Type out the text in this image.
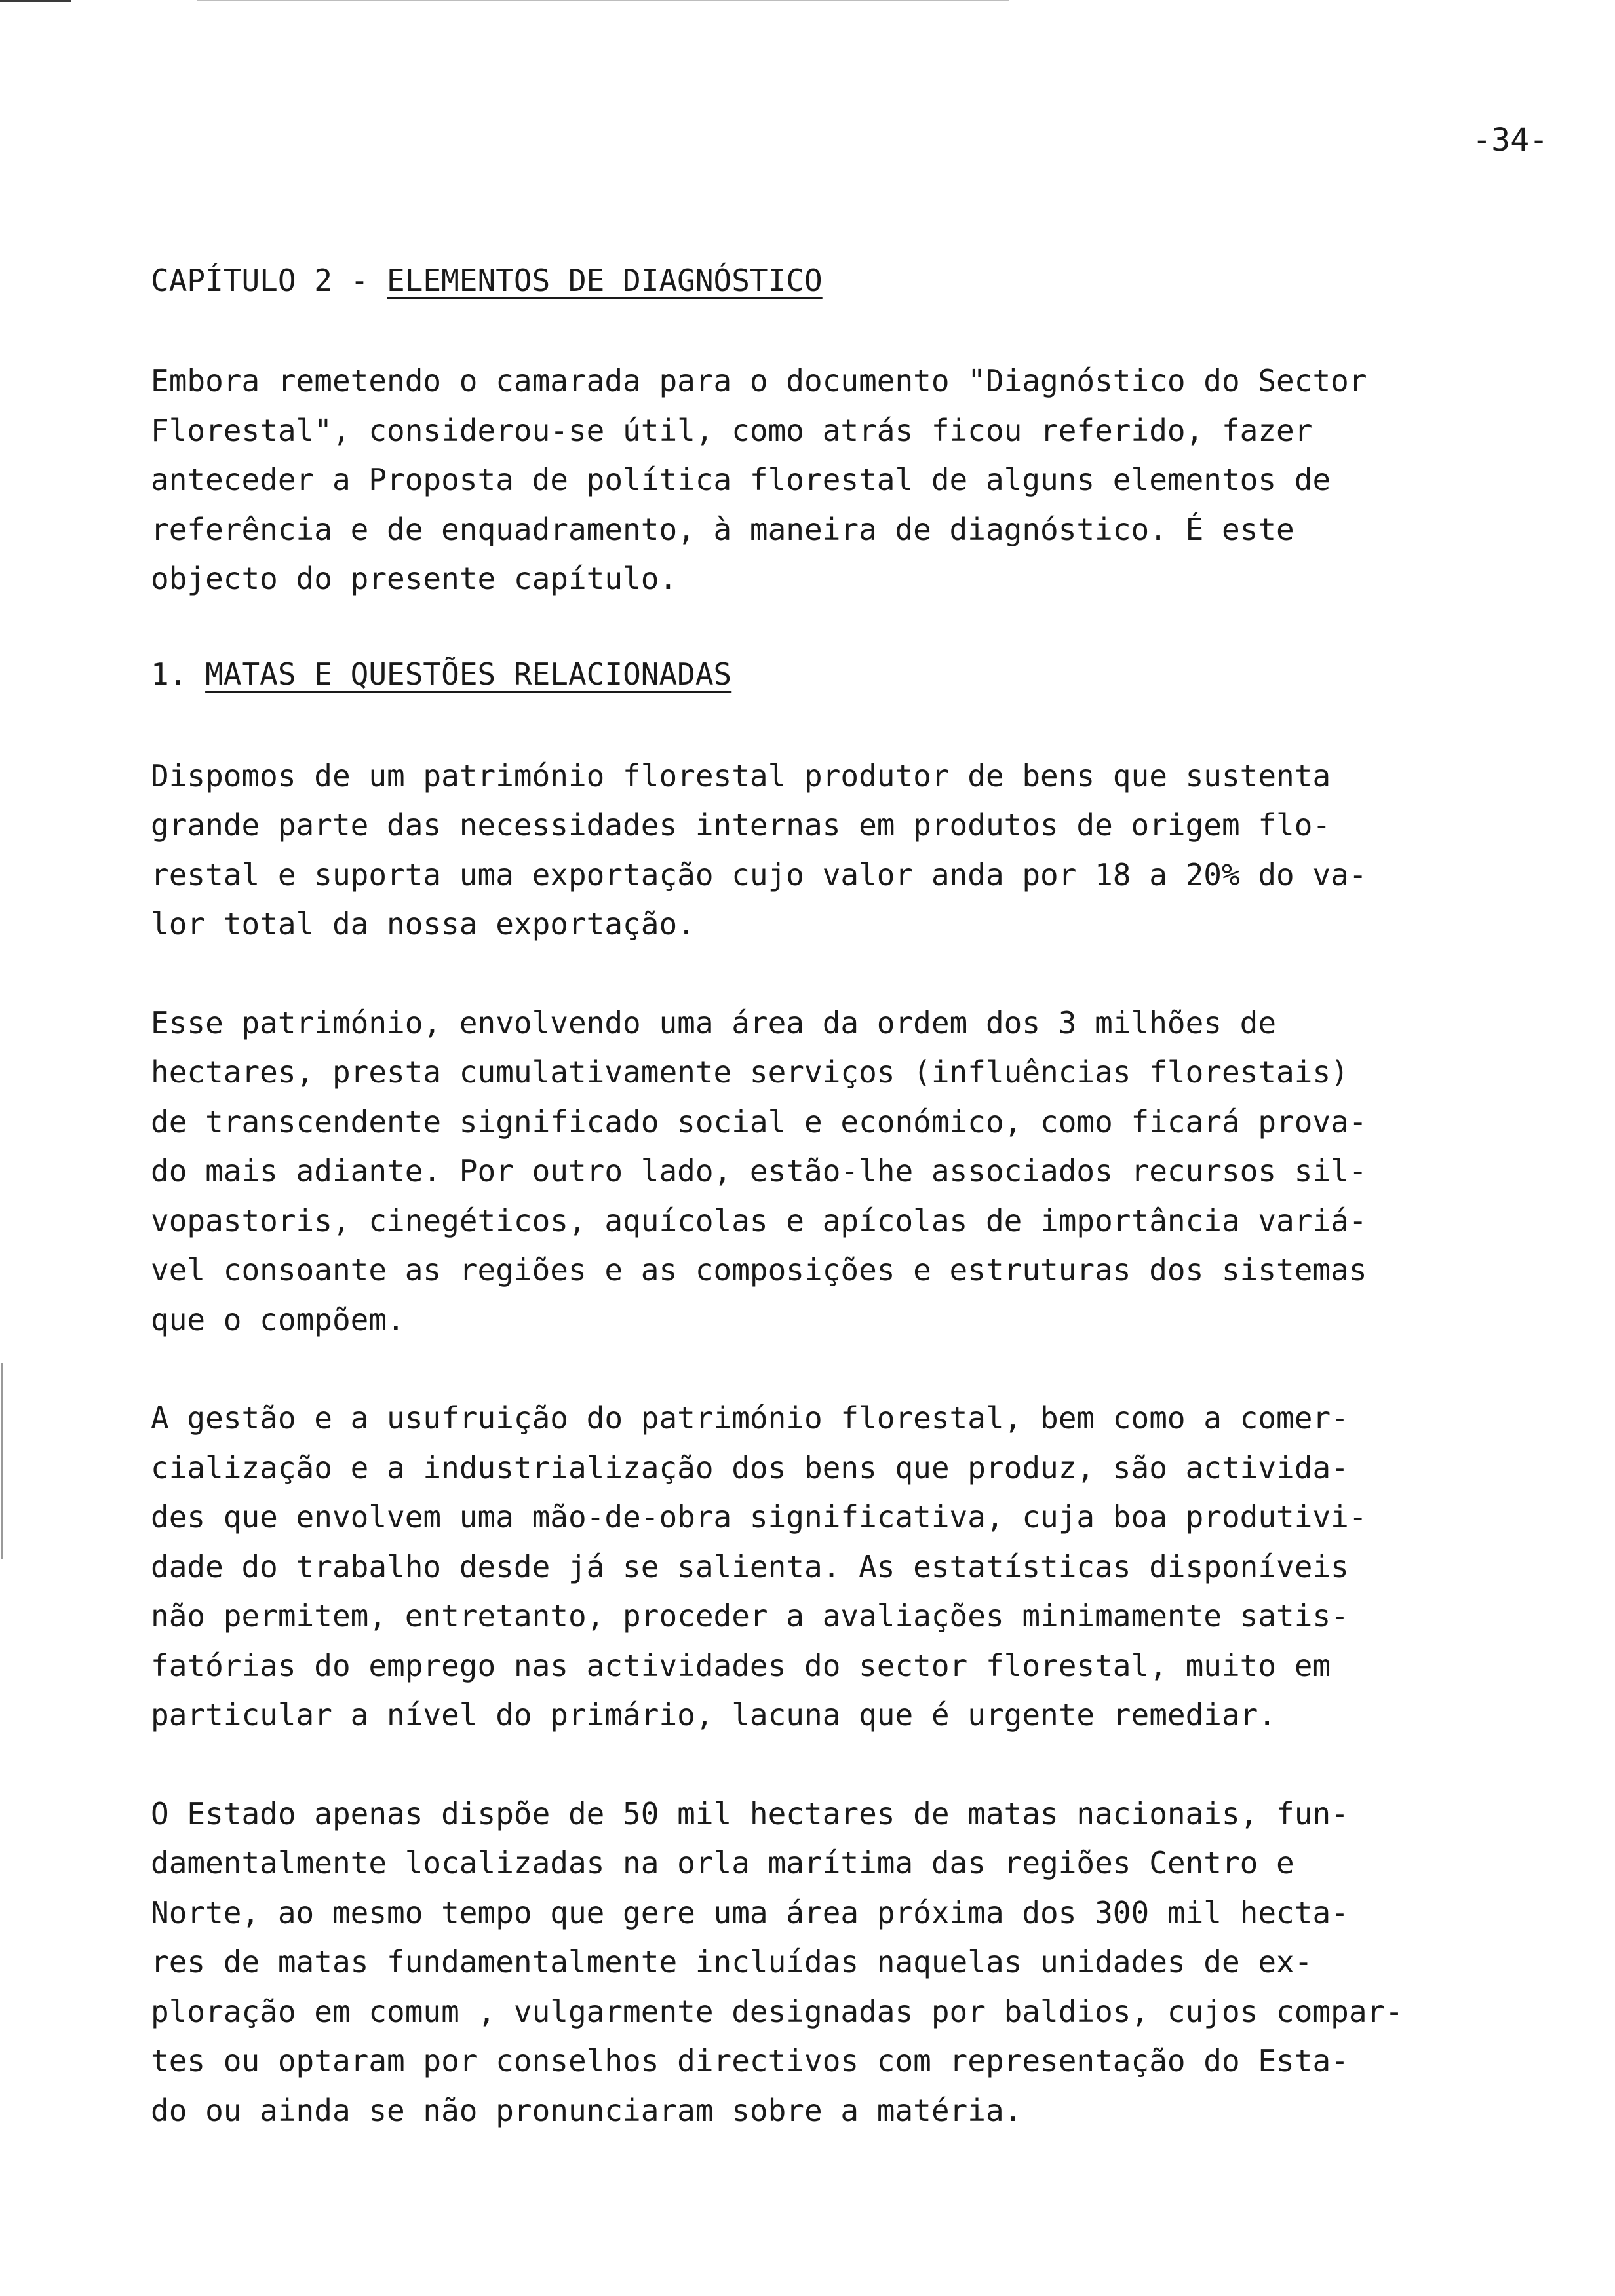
-34-
CAPÍTULO 2 - ELEMENTOS DE DIAGNÓSTICO
Embora remetendo o camarada para o documento "Diagnóstico do Sector
Florestal", considerou-se útil, como atrás ficou referido, fazer
anteceder a Proposta de política florestal de alguns elementos de
referência e de enquadramento, à maneira de diagnóstico. É este
objecto do presente capítulo.
1. MATAS E QUESTÕES RELACIONADAS
Dispomos de um património florestal produtor de bens que sustenta
grande parte das necessidades internas em produtos de origem flo-
restal e suporta uma exportação cujo valor anda por 18 a 20% do va-
lor total da nossa exportação.
Esse património, envolvendo uma área da ordem dos 3 milhões de
hectares, presta cumulativamente serviços (influências florestais)
de transcendente significado social e económico, como ficará prova-
do mais adiante. Por outro lado, estão-lhe associados recursos sil-
vopastoris, cinegéticos, aquícolas e apícolas de importância variá-
vel consoante as regiões e as composições e estruturas dos sistemas
que o compõem.
A gestão e a usufruição do património florestal, bem como a comer-
cialização e a industrialização dos bens que produz, são activida-
des que envolvem uma mão-de-obra significativa, cuja boa produtivi-
dade do trabalho desde já se salienta. As estatísticas disponíveis
não permitem, entretanto, proceder a avaliações minimamente satis-
fatórias do emprego nas actividades do sector florestal, muito em
particular a nível do primário, lacuna que é urgente remediar.
O Estado apenas dispõe de 50 mil hectares de matas nacionais, fun-
damentalmente localizadas na orla marítima das regiões Centro e
Norte, ao mesmo tempo que gere uma área próxima dos 300 mil hecta-
res de matas fundamentalmente incluídas naquelas unidades de ex-
ploração em comum , vulgarmente designadas por baldios, cujos compar-
tes ou optaram por conselhos directivos com representação do Esta-
do ou ainda se não pronunciaram sobre a matéria.
